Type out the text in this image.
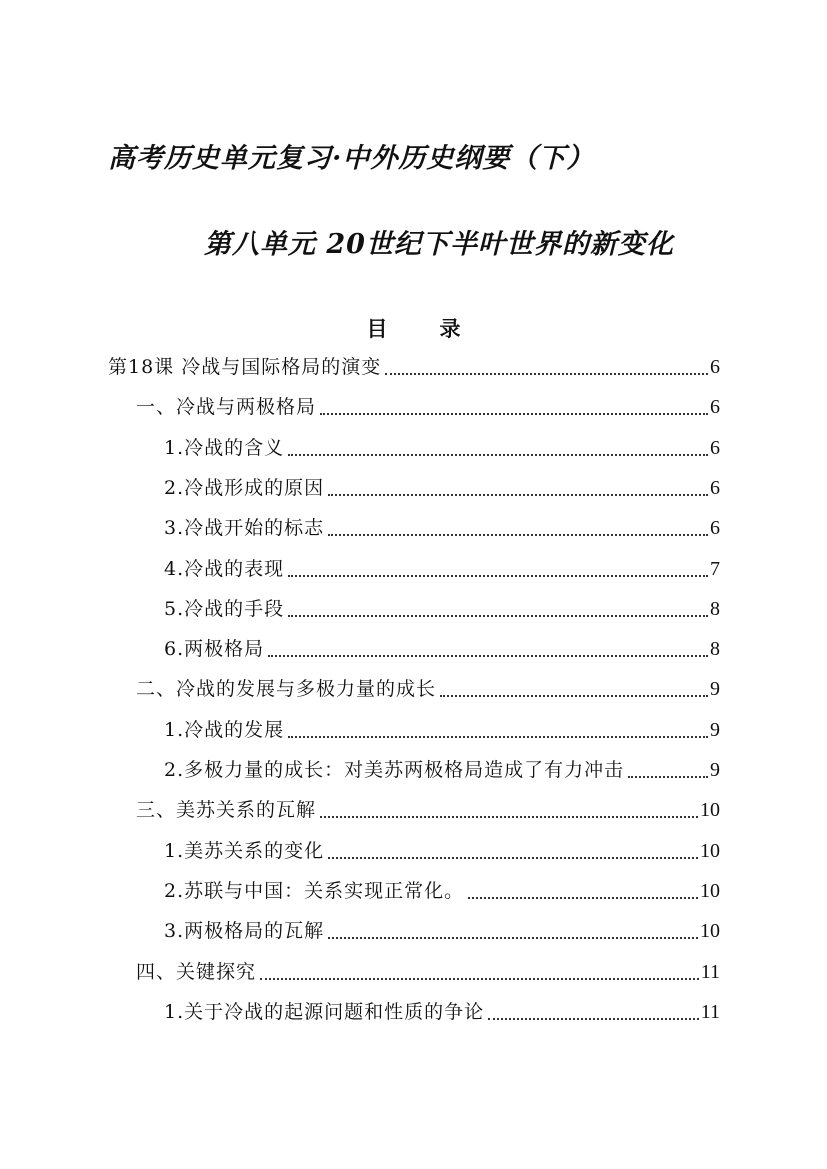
高考历史单元复习·中外历史纲要（下）
第八单元 20世纪下半叶世界的新变化
目 录
第18课 冷战与国际格局的演变	6
一、冷战与两极格局	6
1.冷战的含义	6
2.冷战形成的原因	6
3.冷战开始的标志	6
4.冷战的表现	7
5.冷战的手段	8
6.两极格局	8
二、冷战的发展与多极力量的成长	9
1.冷战的发展	9
2.多极力量的成长：对美苏两极格局造成了有力冲击	9
三、美苏关系的瓦解	10
1.美苏关系的变化	10
2.苏联与中国：关系实现正常化。	10
3.两极格局的瓦解	10
四、关键探究	11
1.关于冷战的起源问题和性质的争论	11
